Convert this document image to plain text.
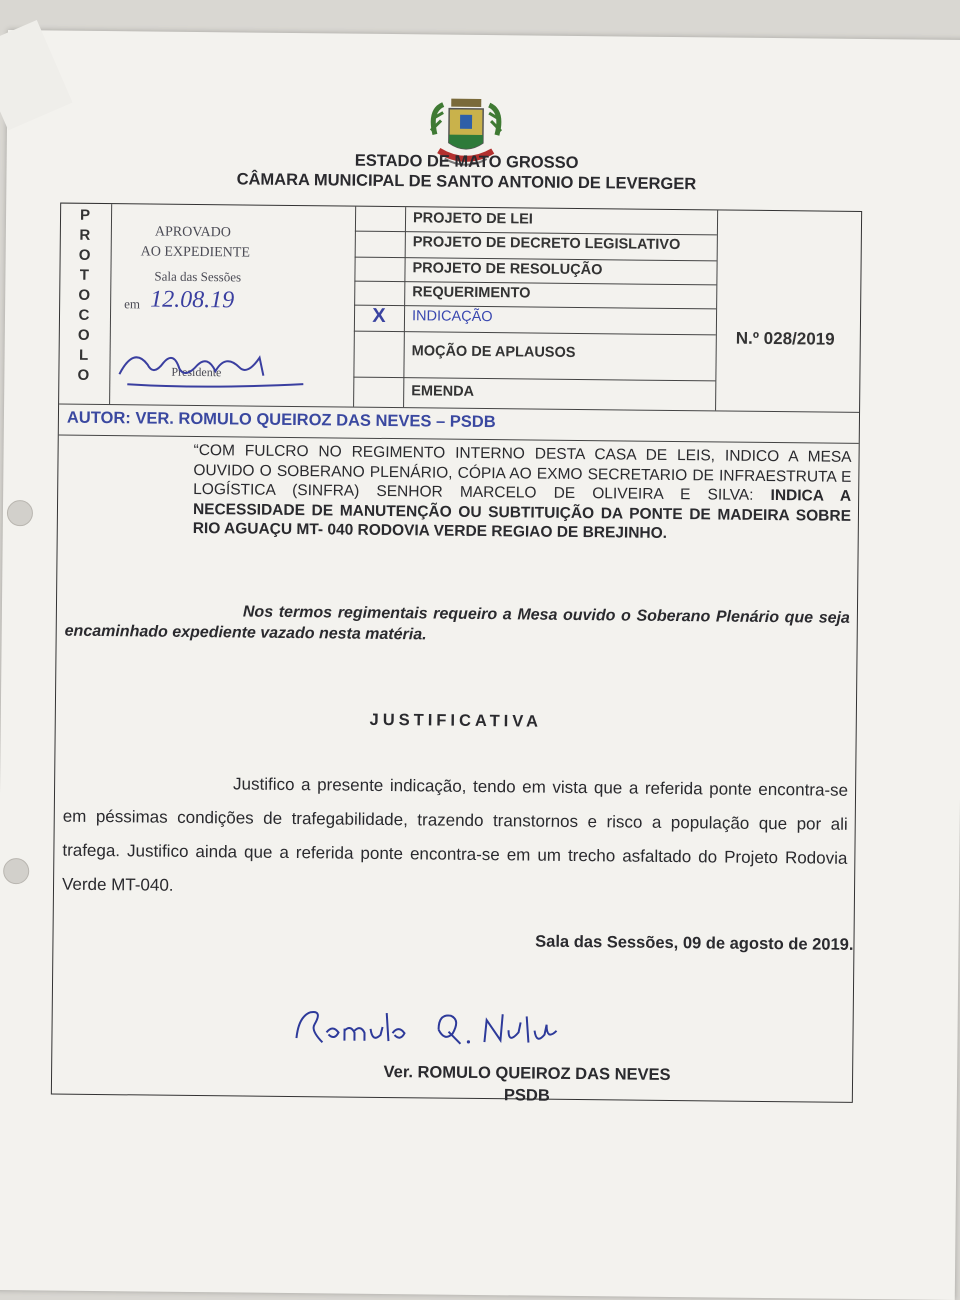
ESTADO DE MATO GROSSO
CÂMARA MUNICIPAL DE SANTO ANTONIO DE LEVERGER
P
R
O
T
O
C
O
L
O
APROVADO
AO EXPEDIENTE
Sala das Sessões
em 12.08.19
Presidente
PROJETO DE LEI
PROJETO DE DECRETO LEGISLATIVO
PROJETO DE RESOLUÇÃO
REQUERIMENTO
X	INDICAÇÃO
MOÇÃO DE APLAUSOS
EMENDA
N.º 028/2019
AUTOR: VER. ROMULO QUEIROZ DAS NEVES – PSDB
“COM FULCRO NO REGIMENTO INTERNO DESTA CASA DE LEIS, INDICO A MESA OUVIDO O SOBERANO PLENÁRIO, CÓPIA AO EXMO SECRETARIO DE INFRAESTRUTA E LOGÍSTICA (SINFRA) SENHOR MARCELO DE OLIVEIRA E SILVA: INDICA A NECESSIDADE DE MANUTENÇÃO OU SUBTITUIÇÃO DA PONTE DE MADEIRA SOBRE RIO AGUAÇU MT- 040 RODOVIA VERDE REGIAO DE BREJINHO.
Nos termos regimentais requeiro a Mesa ouvido o Soberano Plenário que seja encaminhado expediente vazado nesta matéria.
JUSTIFICATIVA
Justifico a presente indicação, tendo em vista que a referida ponte encontra-se em péssimas condições de trafegabilidade, trazendo transtornos e risco a população que por ali trafega. Justifico ainda que a referida ponte encontra-se em um trecho asfaltado do Projeto Rodovia Verde MT-040.
Sala das Sessões, 09 de agosto de 2019.
Ver. ROMULO QUEIROZ DAS NEVES
PSDB
